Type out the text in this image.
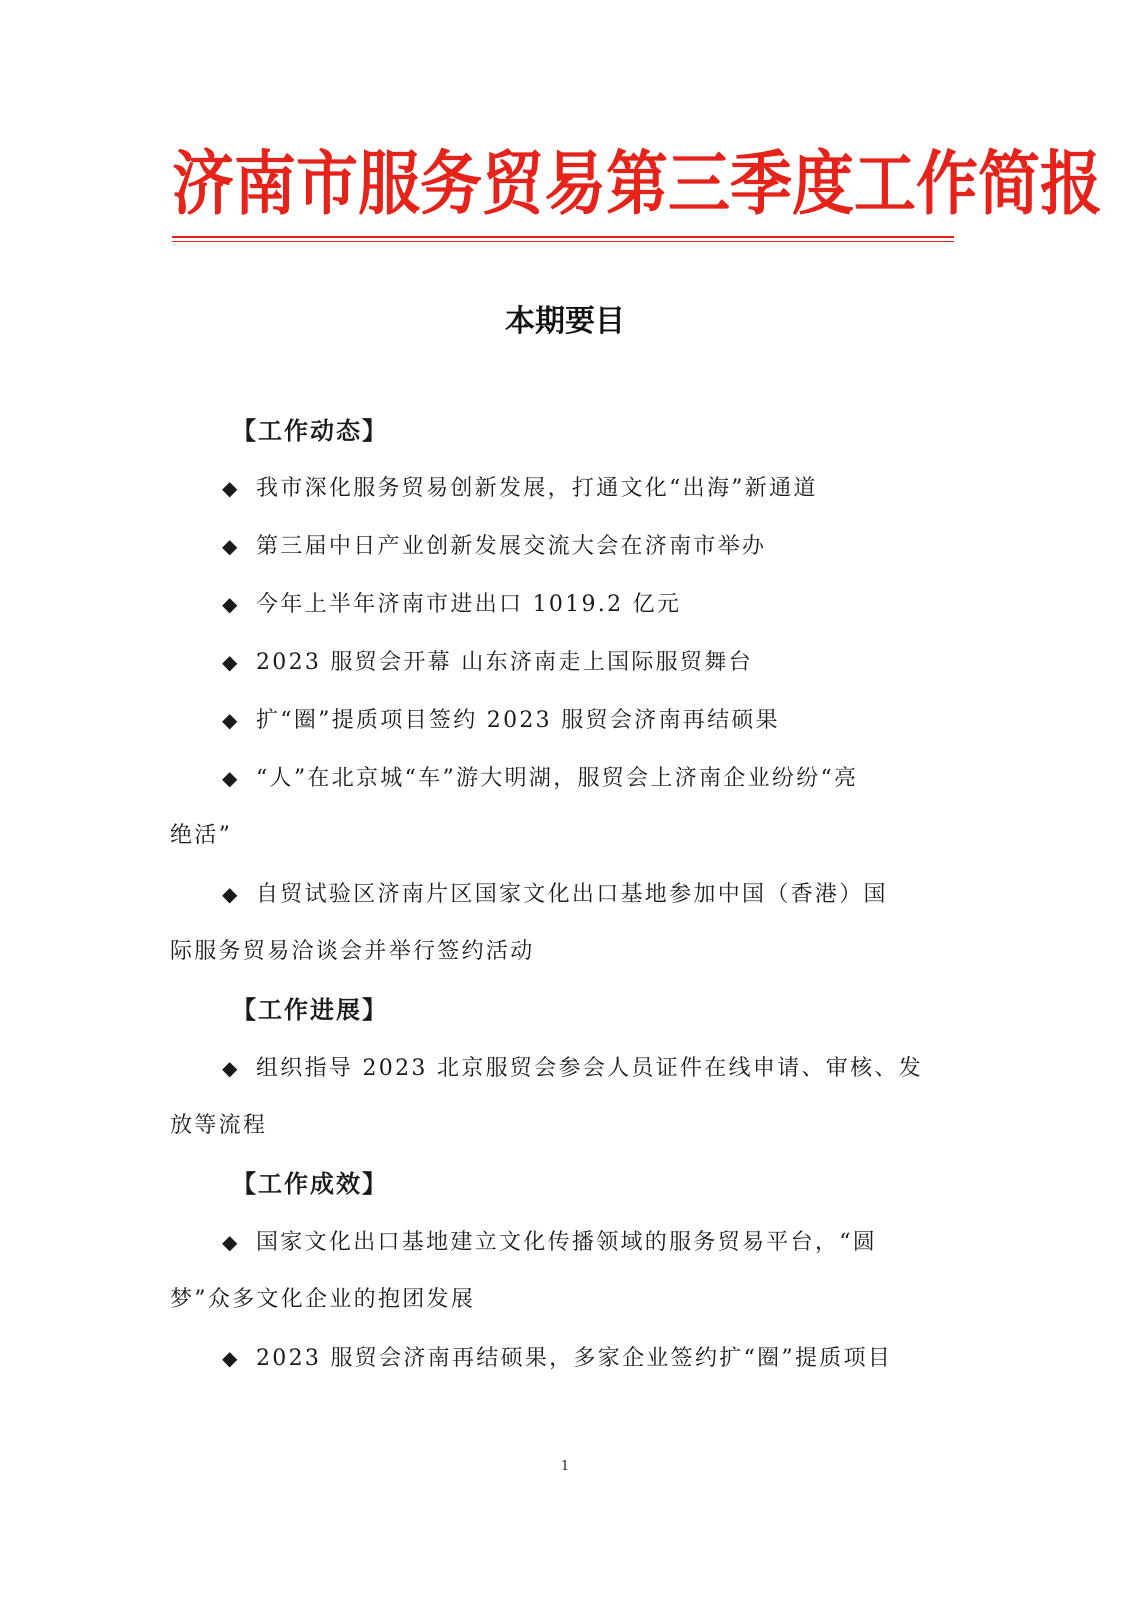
济南市服务贸易第三季度工作简报
本期要目
【工作动态】
◆ 我市深化服务贸易创新发展，打通文化“出海”新通道
◆ 第三届中日产业创新发展交流大会在济南市举办
◆ 今年上半年济南市进出口 1019.2 亿元
◆ 2023 服贸会开幕 山东济南走上国际服贸舞台
◆ 扩“圈”提质项目签约 2023 服贸会济南再结硕果
◆ “人”在北京城“车”游大明湖，服贸会上济南企业纷纷“亮
绝活”
◆ 自贸试验区济南片区国家文化出口基地参加中国（香港）国
际服务贸易洽谈会并举行签约活动
【工作进展】
◆ 组织指导 2023 北京服贸会参会人员证件在线申请、审核、发
放等流程
【工作成效】
◆ 国家文化出口基地建立文化传播领域的服务贸易平台，“圆
梦”众多文化企业的抱团发展
◆ 2023 服贸会济南再结硕果，多家企业签约扩“圈”提质项目
1
